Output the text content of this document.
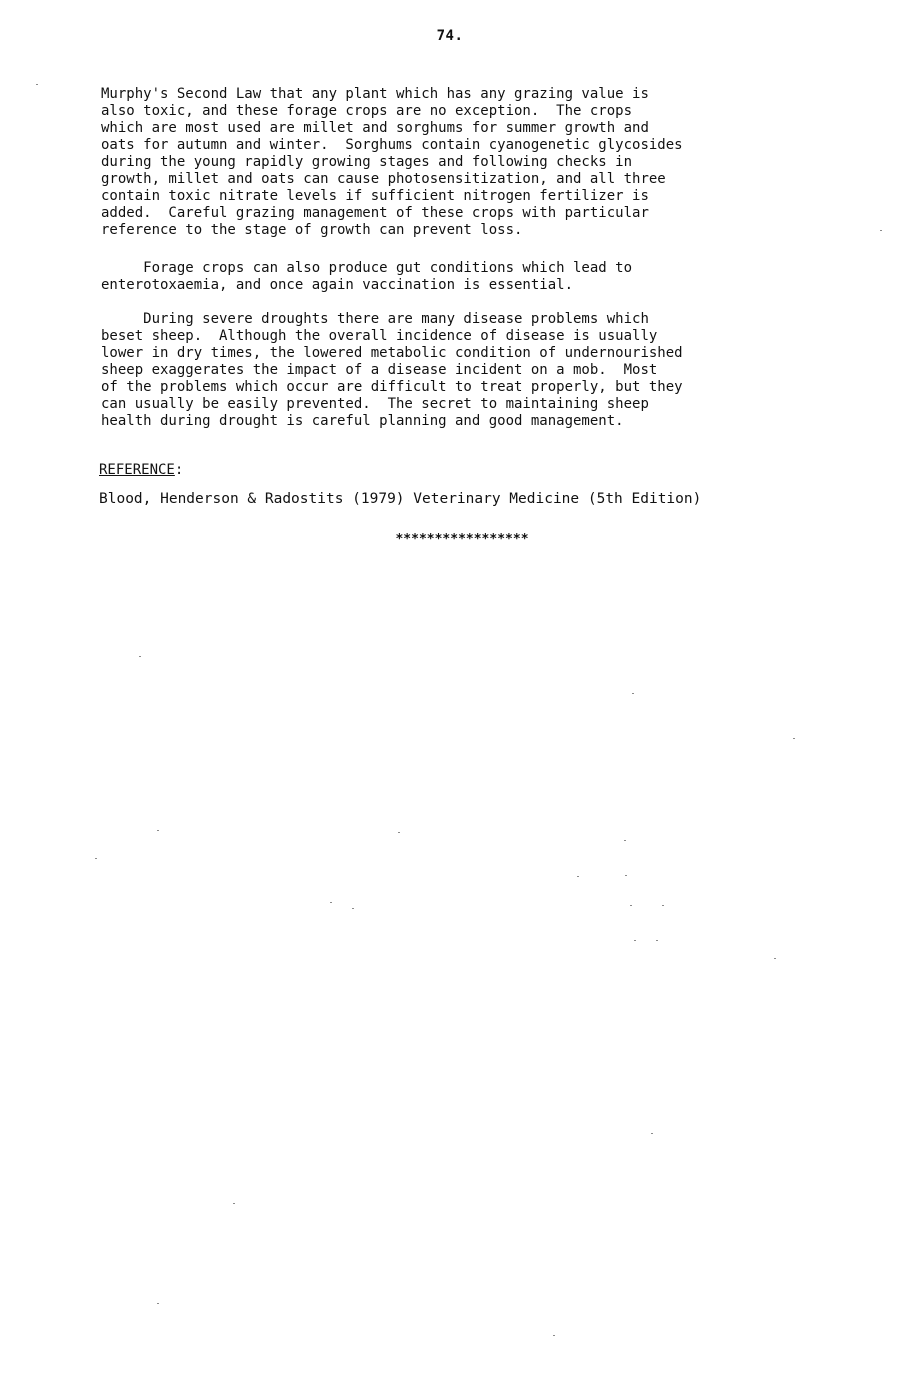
74.
Murphy's Second Law that any plant which has any grazing value is
also toxic, and these forage crops are no exception.  The crops
which are most used are millet and sorghums for summer growth and
oats for autumn and winter.  Sorghums contain cyanogenetic glycosides
during the young rapidly growing stages and following checks in
growth, millet and oats can cause photosensitization, and all three
contain toxic nitrate levels if sufficient nitrogen fertilizer is
added.  Careful grazing management of these crops with particular
reference to the stage of growth can prevent loss.
Forage crops can also produce gut conditions which lead to
enterotoxaemia, and once again vaccination is essential.
During severe droughts there are many disease problems which
beset sheep.  Although the overall incidence of disease is usually
lower in dry times, the lowered metabolic condition of undernourished
sheep exaggerates the impact of a disease incident on a mob.  Most
of the problems which occur are difficult to treat properly, but they
can usually be easily prevented.  The secret to maintaining sheep
health during drought is careful planning and good management.
REFERENCE:
Blood, Henderson & Radostits (1979) Veterinary Medicine (5th Edition)
*****************
